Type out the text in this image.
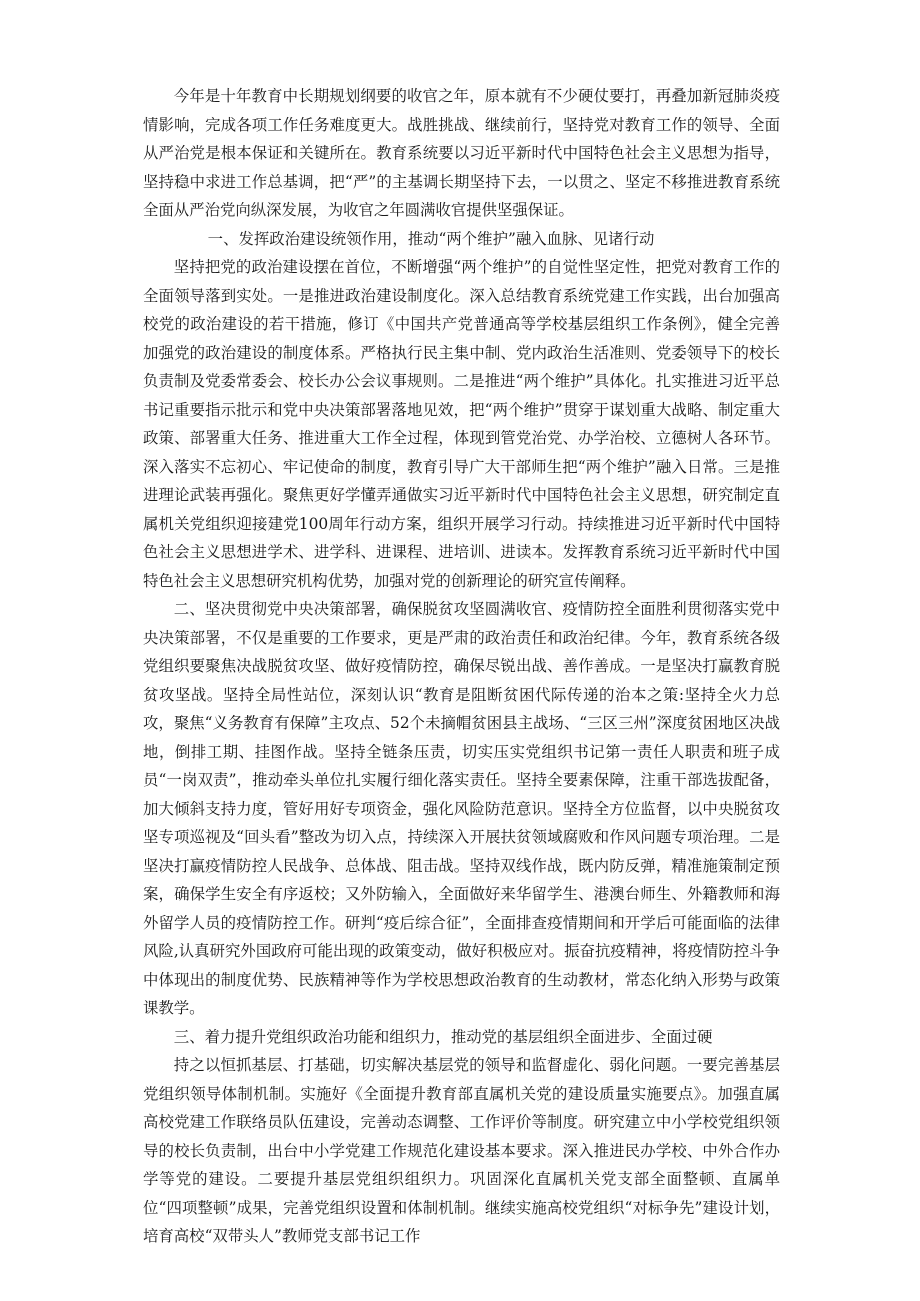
今年是十年教育中长期规划纲要的收官之年，原本就有不少硬仗要打，再叠加新冠肺炎疫情影响，完成各项工作任务难度更大。战胜挑战、继续前行，坚持党对教育工作的领导、全面从严治党是根本保证和关键所在。教育系统要以习近平新时代中国特色社会主义思想为指导，坚持稳中求进工作总基调，把“严”的主基调长期坚持下去，一以贯之、坚定不移推进教育系统全面从严治党向纵深发展，为收官之年圆满收官提供坚强保证。

一、发挥政治建设统领作用，推动“两个维护”融入血脉、见诸行动

坚持把党的政治建设摆在首位，不断增强“两个维护”的自觉性坚定性，把党对教育工作的全面领导落到实处。一是推进政治建设制度化。深入总结教育系统党建工作实践，出台加强高校党的政治建设的若干措施，修订《中国共产党普通高等学校基层组织工作条例》，健全完善加强党的政治建设的制度体系。严格执行民主集中制、党内政治生活准则、党委领导下的校长负责制及党委常委会、校长办公会议事规则。二是推进“两个维护”具体化。扎实推进习近平总书记重要指示批示和党中央决策部署落地见效，把“两个维护”贯穿于谋划重大战略、制定重大政策、部署重大任务、推进重大工作全过程，体现到管党治党、办学治校、立德树人各环节。深入落实不忘初心、牢记使命的制度，教育引导广大干部师生把“两个维护”融入日常。三是推进理论武装再强化。聚焦更好学懂弄通做实习近平新时代中国特色社会主义思想，研究制定直属机关党组织迎接建党100周年行动方案，组织开展学习行动。持续推进习近平新时代中国特色社会主义思想进学术、进学科、进课程、进培训、进读本。发挥教育系统习近平新时代中国特色社会主义思想研究机构优势，加强对党的创新理论的研究宣传阐释。

二、坚决贯彻党中央决策部署，确保脱贫攻坚圆满收官、疫情防控全面胜利贯彻落实党中央决策部署，不仅是重要的工作要求，更是严肃的政治责任和政治纪律。今年，教育系统各级党组织要聚焦决战脱贫攻坚、做好疫情防控，确保尽锐出战、善作善成。一是坚决打赢教育脱贫攻坚战。坚持全局性站位，深刻认识“教育是阻断贫困代际传递的治本之策:坚持全火力总攻，聚焦“义务教育有保障”主攻点、52个未摘帽贫困县主战场、“三区三州”深度贫困地区决战地，倒排工期、挂图作战。坚持全链条压责，切实压实党组织书记第一责任人职责和班子成员“一岗双责”，推动牵头单位扎实履行细化落实责任。坚持全要素保障，注重干部选拔配备，加大倾斜支持力度，管好用好专项资金，强化风险防范意识。坚持全方位监督，以中央脱贫攻坚专项巡视及“回头看”整改为切入点，持续深入开展扶贫领域腐败和作风问题专项治理。二是坚决打赢疫情防控人民战争、总体战、阻击战。坚持双线作战，既内防反弹，精准施策制定预案，确保学生安全有序返校；又外防输入，全面做好来华留学生、港澳台师生、外籍教师和海外留学人员的疫情防控工作。研判“疫后综合征”，全面排查疫情期间和开学后可能面临的法律风险,认真研究外国政府可能出现的政策变动，做好积极应对。振奋抗疫精神，将疫情防控斗争中体现出的制度优势、民族精神等作为学校思想政治教育的生动教材，常态化纳入形势与政策课教学。

三、着力提升党组织政治功能和组织力，推动党的基层组织全面进步、全面过硬

持之以恒抓基层、打基础，切实解决基层党的领导和监督虚化、弱化问题。一要完善基层党组织领导体制机制。实施好《全面提升教育部直属机关党的建设质量实施要点》。加强直属高校党建工作联络员队伍建设，完善动态调整、工作评价等制度。研究建立中小学校党组织领导的校长负责制，出台中小学党建工作规范化建设基本要求。深入推进民办学校、中外合作办学等党的建设。二要提升基层党组织组织力。巩固深化直属机关党支部全面整顿、直属单位“四项整顿”成果，完善党组织设置和体制机制。继续实施高校党组织“对标争先”建设计划，培育高校“双带头人”教师党支部书记工作
